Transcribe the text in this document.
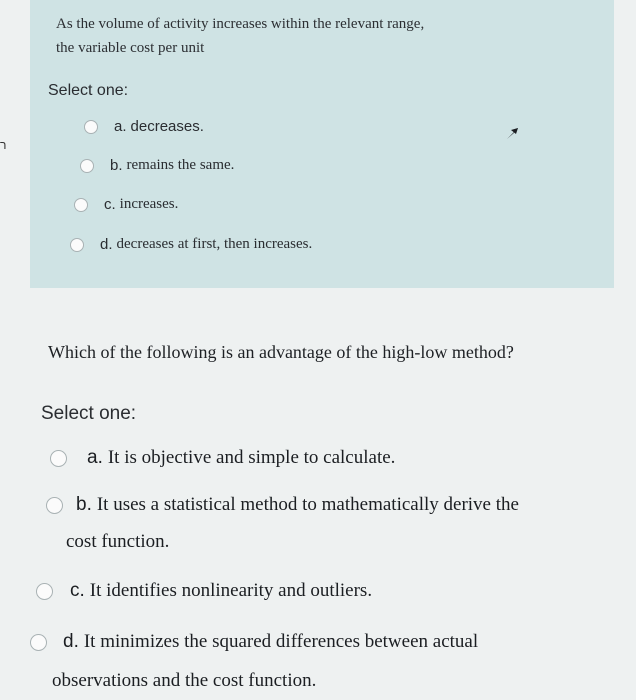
ר
As the volume of activity increases within the relevant range,
the variable cost per unit
Select one:
a. decreases.
b. remains the same.
c. increases.
d. decreases at first, then increases.
Which of the following is an advantage of the high-low method?
Select one:
a. It is objective and simple to calculate.
b. It uses a statistical method to mathematically derive the
cost function.
c. It identifies nonlinearity and outliers.
d. It minimizes the squared differences between actual
observations and the cost function.
